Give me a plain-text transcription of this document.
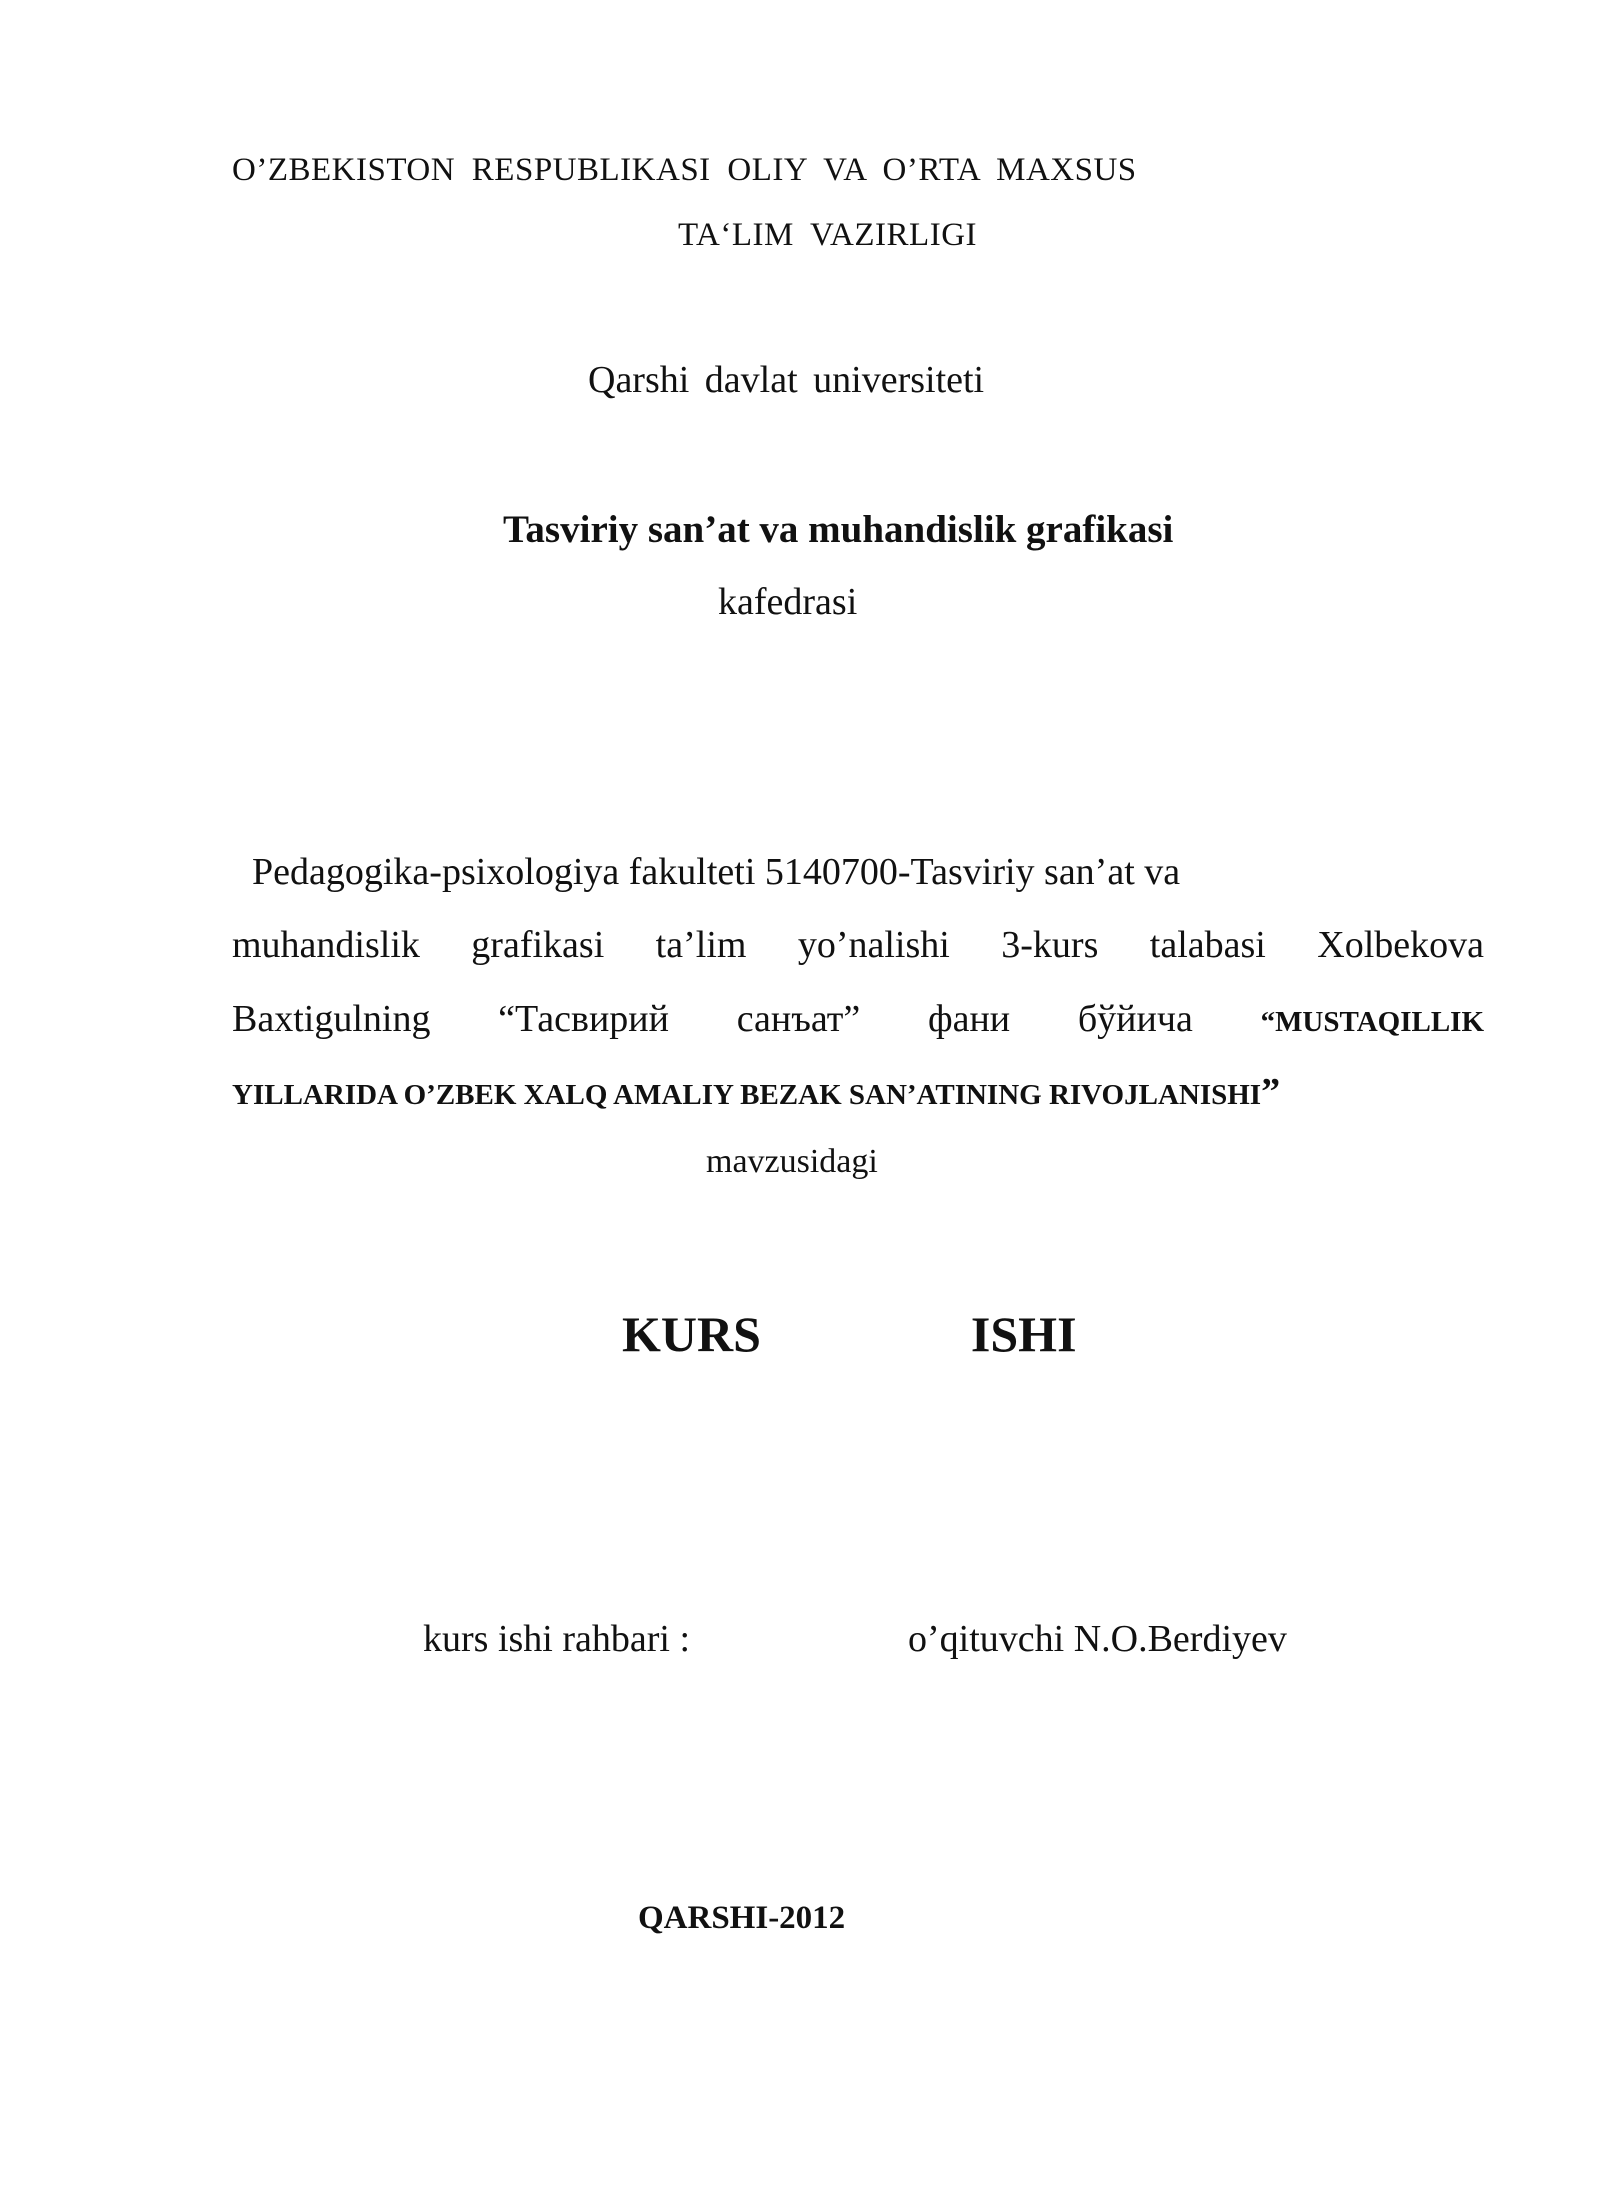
O’ZBEKISTON RESPUBLIKASI OLIY VA O’RTA MAXSUS
TA‘LIM VAZIRLIGI
Qarshi davlat universiteti
Tasviriy san’at va muhandislik grafikasi
kafedrasi
Pedagogika-psixologiya fakulteti 5140700-Tasviriy san’at va
muhandislik grafikasi ta’lim yo’nalishi 3-kurs talabasi Xolbekova
Baxtigulning “Тасвирий санъат” фани бўйича “MUSTAQILLIK
YILLARIDA O’ZBEK XALQ AMALIY BEZAK SAN’ATINING RIVOJLANISHI”
mavzusidagi
KURS    ISHI
kurs ishi rahbari :	o’qituvchi N.O.Berdiyev
QARSHI-2012
